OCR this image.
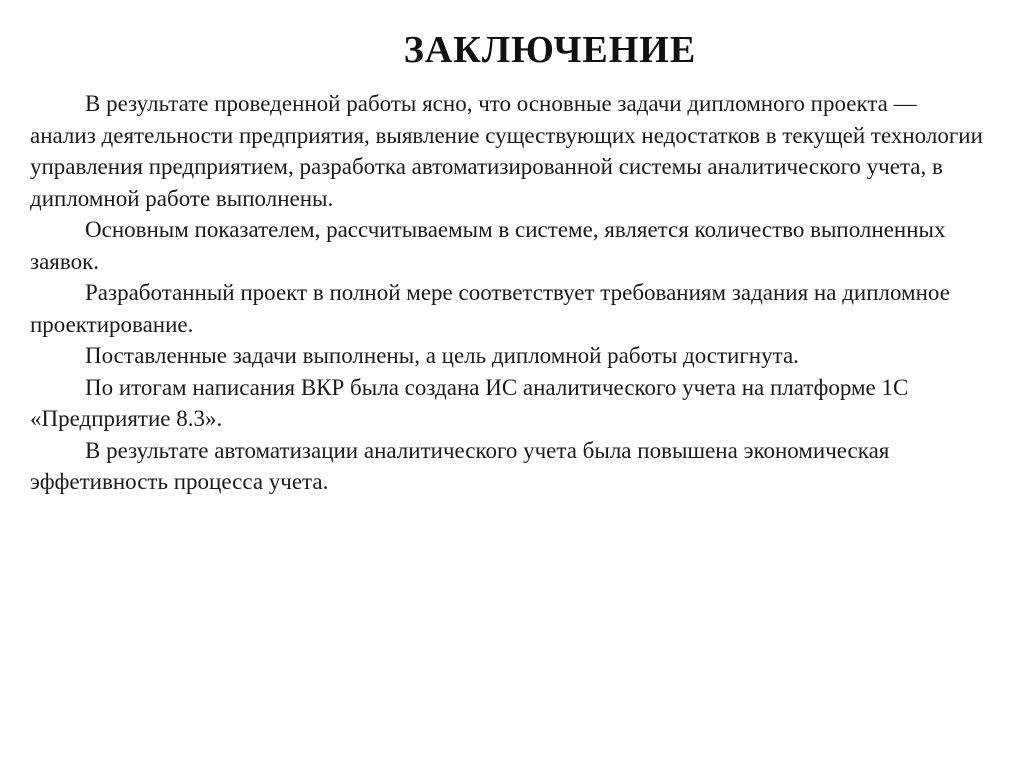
ЗАКЛЮЧЕНИЕ

В результате проведенной работы ясно, что основные задачи дипломного проекта — анализ деятельности предприятия, выявление существующих недостатков в текущей технологии управления предприятием, разработка автоматизированной системы аналитического учета, в дипломной работе выполнены.

Основным показателем, рассчитываемым в системе, является количество выполненных заявок.

Разработанный проект в полной мере соответствует требованиям задания на дипломное проектирование.

Поставленные задачи выполнены, а цель дипломной работы достигнута.

По итогам написания ВКР была создана ИС аналитического учета на платформе 1С «Предприятие 8.3».

В результате автоматизации аналитического учета была повышена экономическая эффетивность процесса учета.
